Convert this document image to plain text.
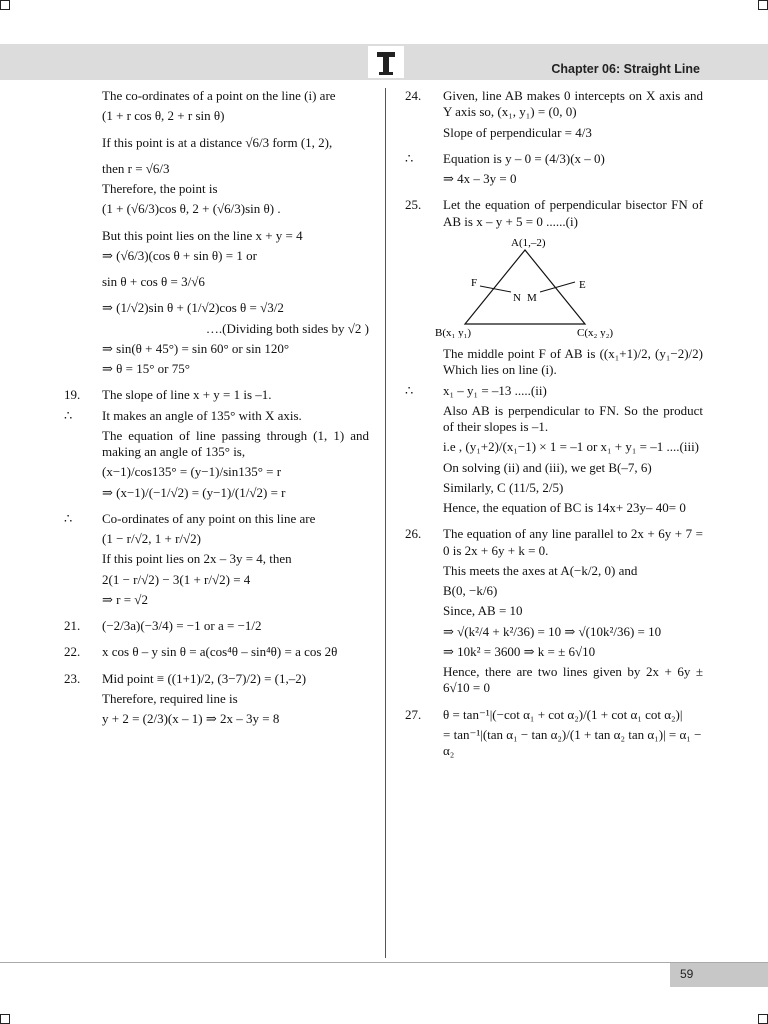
Chapter 06: Straight Line
The co-ordinates of a point on the line (i) are
(1 + r cos θ, 2 + r sin θ)
If this point is at a distance √6/3 form (1, 2),
then r = √6/3
Therefore, the point is
(1 + (√6/3)cos θ, 2 + (√6/3)sin θ) .
But this point lies on the line x + y = 4
⇒ (√6/3)(cos θ + sin θ) = 1 or
sin θ + cos θ = 3/√6
⇒ (1/√2)sin θ + (1/√2)cos θ = √3/2
….(Dividing both sides by √2 )
⇒ sin(θ + 45°) = sin 60° or sin 120°
⇒ θ = 15° or 75°
19.	The slope of line x + y = 1 is –1.
∴	It makes an angle of 135° with X axis.
The equation of line passing through (1, 1) and making an angle of 135° is,
(x−1)/cos135° = (y−1)/sin135° = r
⇒ (x−1)/(−1/√2) = (y−1)/(1/√2) = r
∴	Co-ordinates of any point on this line are
(1 − r/√2, 1 + r/√2)
If this point lies on 2x – 3y = 4, then
2(1 − r/√2) − 3(1 + r/√2) = 4
⇒ r = √2
21.	(−2/3a)(−3/4) = −1 or a = −1/2
22.	x cos θ – y sin θ = a(cos⁴θ – sin⁴θ) = a cos 2θ
23.	Mid point ≡ ((1+1)/2, (3−7)/2) = (1,–2)
Therefore, required line is
y + 2 = (2/3)(x – 1) ⇒ 2x – 3y = 8
24.	Given, line AB makes 0 intercepts on X axis and Y axis so, (x₁, y₁) = (0, 0)
Slope of perpendicular = 4/3
∴	Equation is y – 0 = (4/3)(x – 0)
⇒ 4x – 3y = 0
25.	Let the equation of perpendicular bisector FN of AB is x – y + 5 = 0 ......(i)
A(1,–2)
B(x₁ y₁)	C(x₂ y₂)
F	E
N M
The middle point F of AB is ((x₁+1)/2, (y₁−2)/2) Which lies on line (i).
∴	x₁ – y₁ = –13 .....(ii)
Also AB is perpendicular to FN. So the product of their slopes is –1.
i.e , (y₁+2)/(x₁−1) × 1 = –1 or x₁ + y₁ = –1 ....(iii)
On solving (ii) and (iii), we get B(–7, 6)
Similarly, C (11/5, 2/5)
Hence, the equation of BC is 14x+ 23y– 40= 0
26.	The equation of any line parallel to 2x + 6y + 7 = 0 is 2x + 6y + k = 0.
This meets the axes at A(−k/2, 0) and
B(0, −k/6)
Since, AB = 10
⇒ √(k²/4 + k²/36) = 10 ⇒ √(10k²/36) = 10
⇒ 10k² = 3600 ⇒ k = ± 6√10
Hence, there are two lines given by 2x + 6y ± 6√10 = 0
27.	θ = tan⁻¹|(−cot α₁ + cot α₂)/(1 + cot α₁ cot α₂)|
= tan⁻¹|(tan α₁ − tan α₂)/(1 + tan α₂ tan α₁)| = α₁ − α₂
59
